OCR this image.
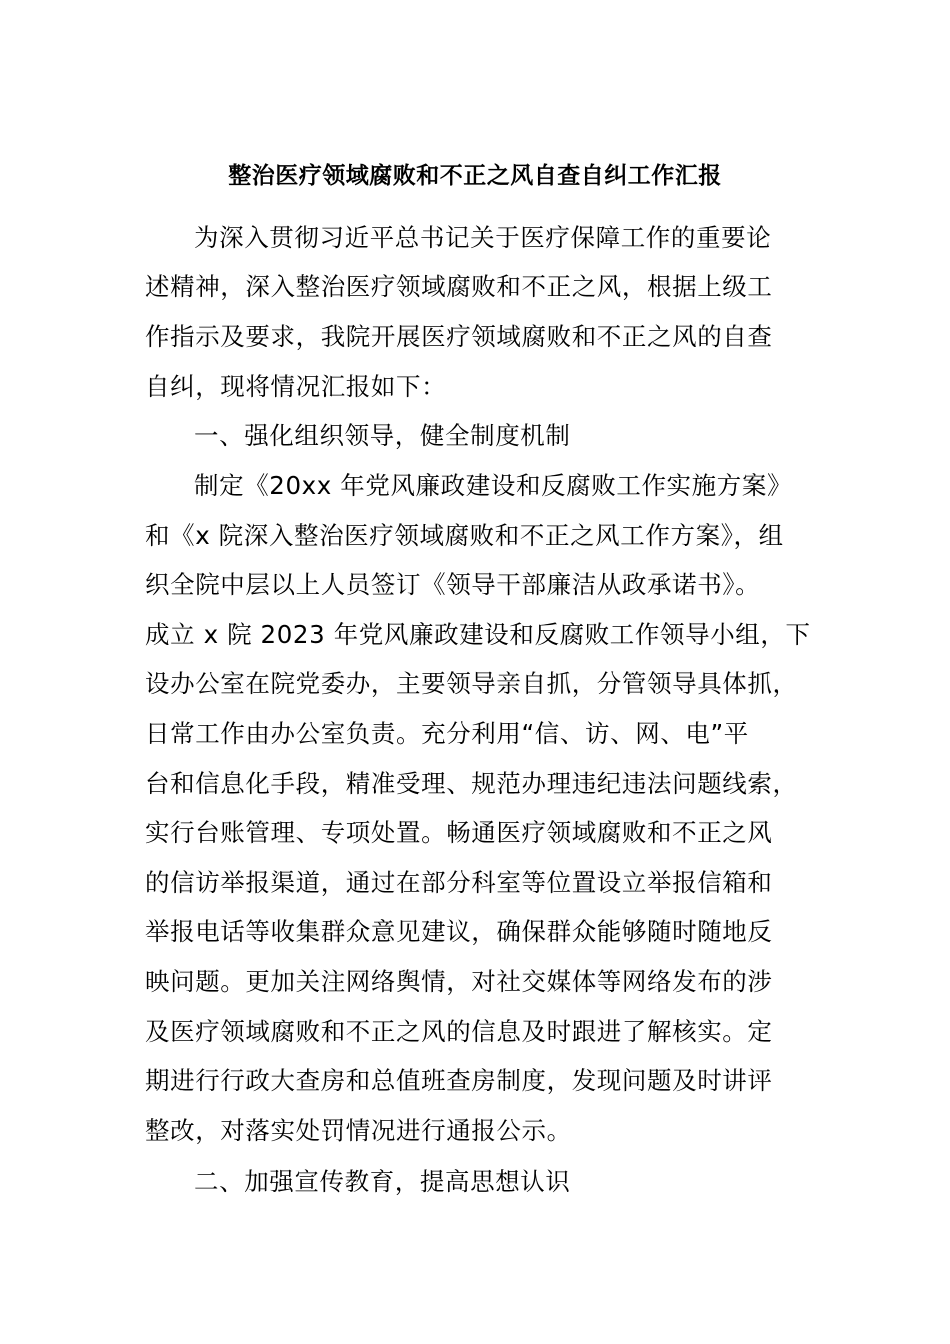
整治医疗领域腐败和不正之风自查自纠工作汇报
为深入贯彻习近平总书记关于医疗保障工作的重要论
述精神，深入整治医疗领域腐败和不正之风，根据上级工
作指示及要求，我院开展医疗领域腐败和不正之风的自查
自纠，现将情况汇报如下：
一、强化组织领导，健全制度机制
制定《20xx 年党风廉政建设和反腐败工作实施方案》
和《x 院深入整治医疗领域腐败和不正之风工作方案》，组
织全院中层以上人员签订《领导干部廉洁从政承诺书》。
成立 x 院 2023 年党风廉政建设和反腐败工作领导小组，下
设办公室在院党委办，主要领导亲自抓，分管领导具体抓，
日常工作由办公室负责。充分利用“信、访、网、电”平
台和信息化手段，精准受理、规范办理违纪违法问题线索，
实行台账管理、专项处置。畅通医疗领域腐败和不正之风
的信访举报渠道，通过在部分科室等位置设立举报信箱和
举报电话等收集群众意见建议，确保群众能够随时随地反
映问题。更加关注网络舆情，对社交媒体等网络发布的涉
及医疗领域腐败和不正之风的信息及时跟进了解核实。定
期进行行政大查房和总值班查房制度，发现问题及时讲评
整改，对落实处罚情况进行通报公示。
二、加强宣传教育，提高思想认识
